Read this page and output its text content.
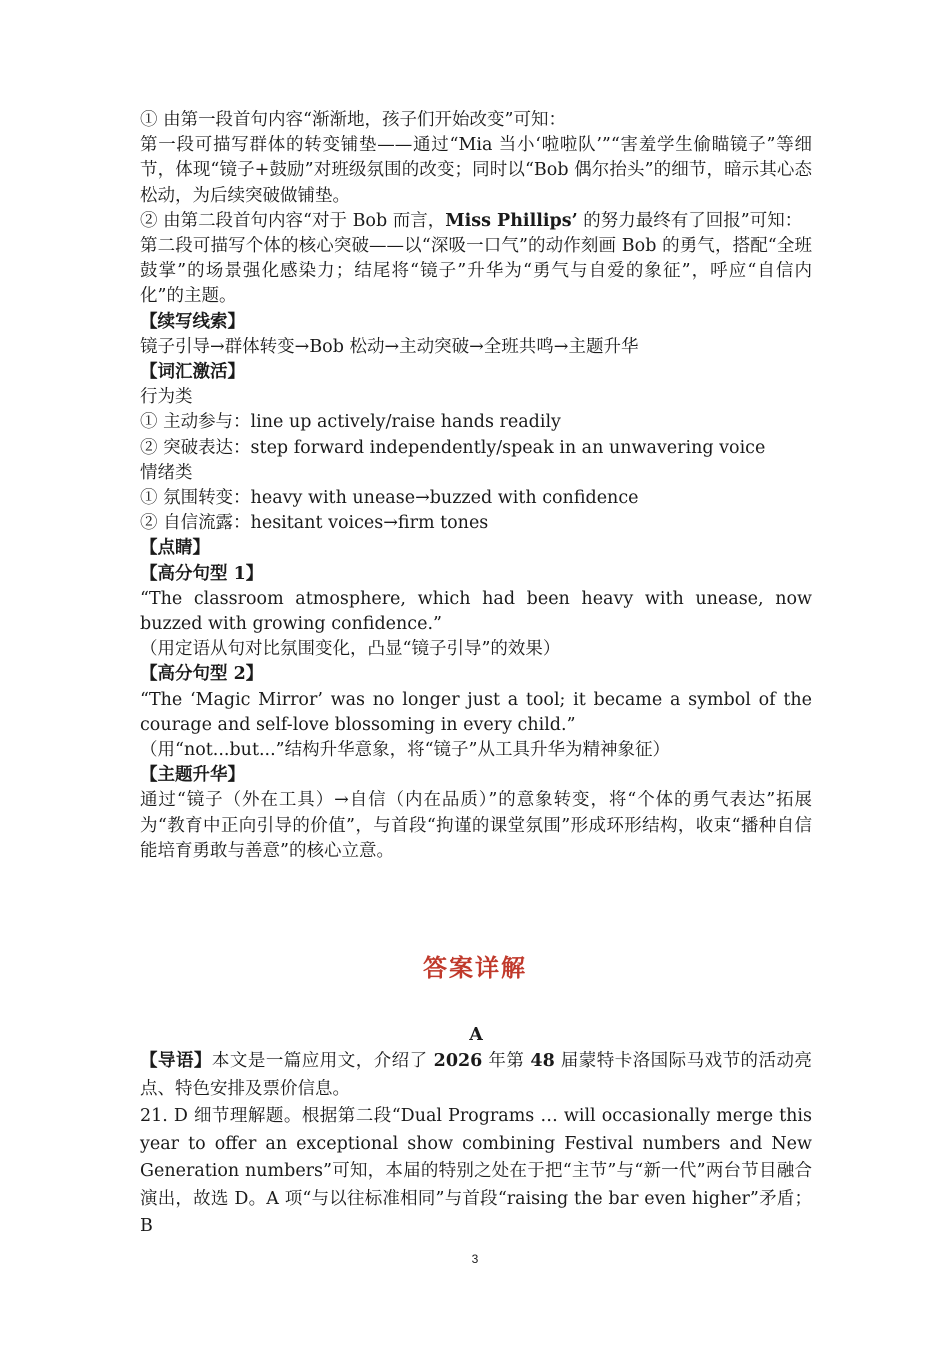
① 由第一段首句内容“渐渐地，孩子们开始改变”可知：

第一段可描写群体的转变铺垫——通过“Mia 当小‘啦啦队’”“害羞学生偷瞄镜子”等细节，体现“镜子+鼓励”对班级氛围的改变；同时以“Bob 偶尔抬头”的细节，暗示其心态松动，为后续突破做铺垫。

② 由第二段首句内容“对于 Bob 而言，Miss Phillips’ 的努力最终有了回报”可知：

第二段可描写个体的核心突破——以“深吸一口气”的动作刻画 Bob 的勇气，搭配“全班鼓掌”的场景强化感染力；结尾将“镜子”升华为“勇气与自爱的象征”，呼应“自信内化”的主题。

【续写线索】

镜子引导→群体转变→Bob 松动→主动突破→全班共鸣→主题升华

【词汇激活】

行为类

① 主动参与：line up actively/raise hands readily

② 突破表达：step forward independently/speak in an unwavering voice

情绪类

① 氛围转变：heavy with unease→buzzed with confidence

② 自信流露：hesitant voices→firm tones

【点睛】

【高分句型 1】

“The classroom atmosphere, which had been heavy with unease, now buzzed with growing confidence.”

（用定语从句对比氛围变化，凸显“镜子引导”的效果）

【高分句型 2】

“The ‘Magic Mirror’ was no longer just a tool; it became a symbol of the courage and self-love blossoming in every child.”

（用“not...but...”结构升华意象，将“镜子”从工具升华为精神象征）

【主题升华】

通过“镜子（外在工具）→自信（内在品质）”的意象转变，将“个体的勇气表达”拓展为“教育中正向引导的价值”，与首段“拘谨的课堂氛围”形成环形结构，收束“播种自信能培育勇敢与善意”的核心立意。

答案详解

A

【导语】本文是一篇应用文，介绍了 2026 年第 48 届蒙特卡洛国际马戏节的活动亮点、特色安排及票价信息。

21. D 细节理解题。根据第二段“Dual Programs … will occasionally merge this year to offer an exceptional show combining Festival numbers and New Generation numbers”可知，本届的特别之处在于把“主节”与“新一代”两台节目融合演出，故选 D。A 项“与以往标准相同”与首段“raising the bar even higher”矛盾；B

3
